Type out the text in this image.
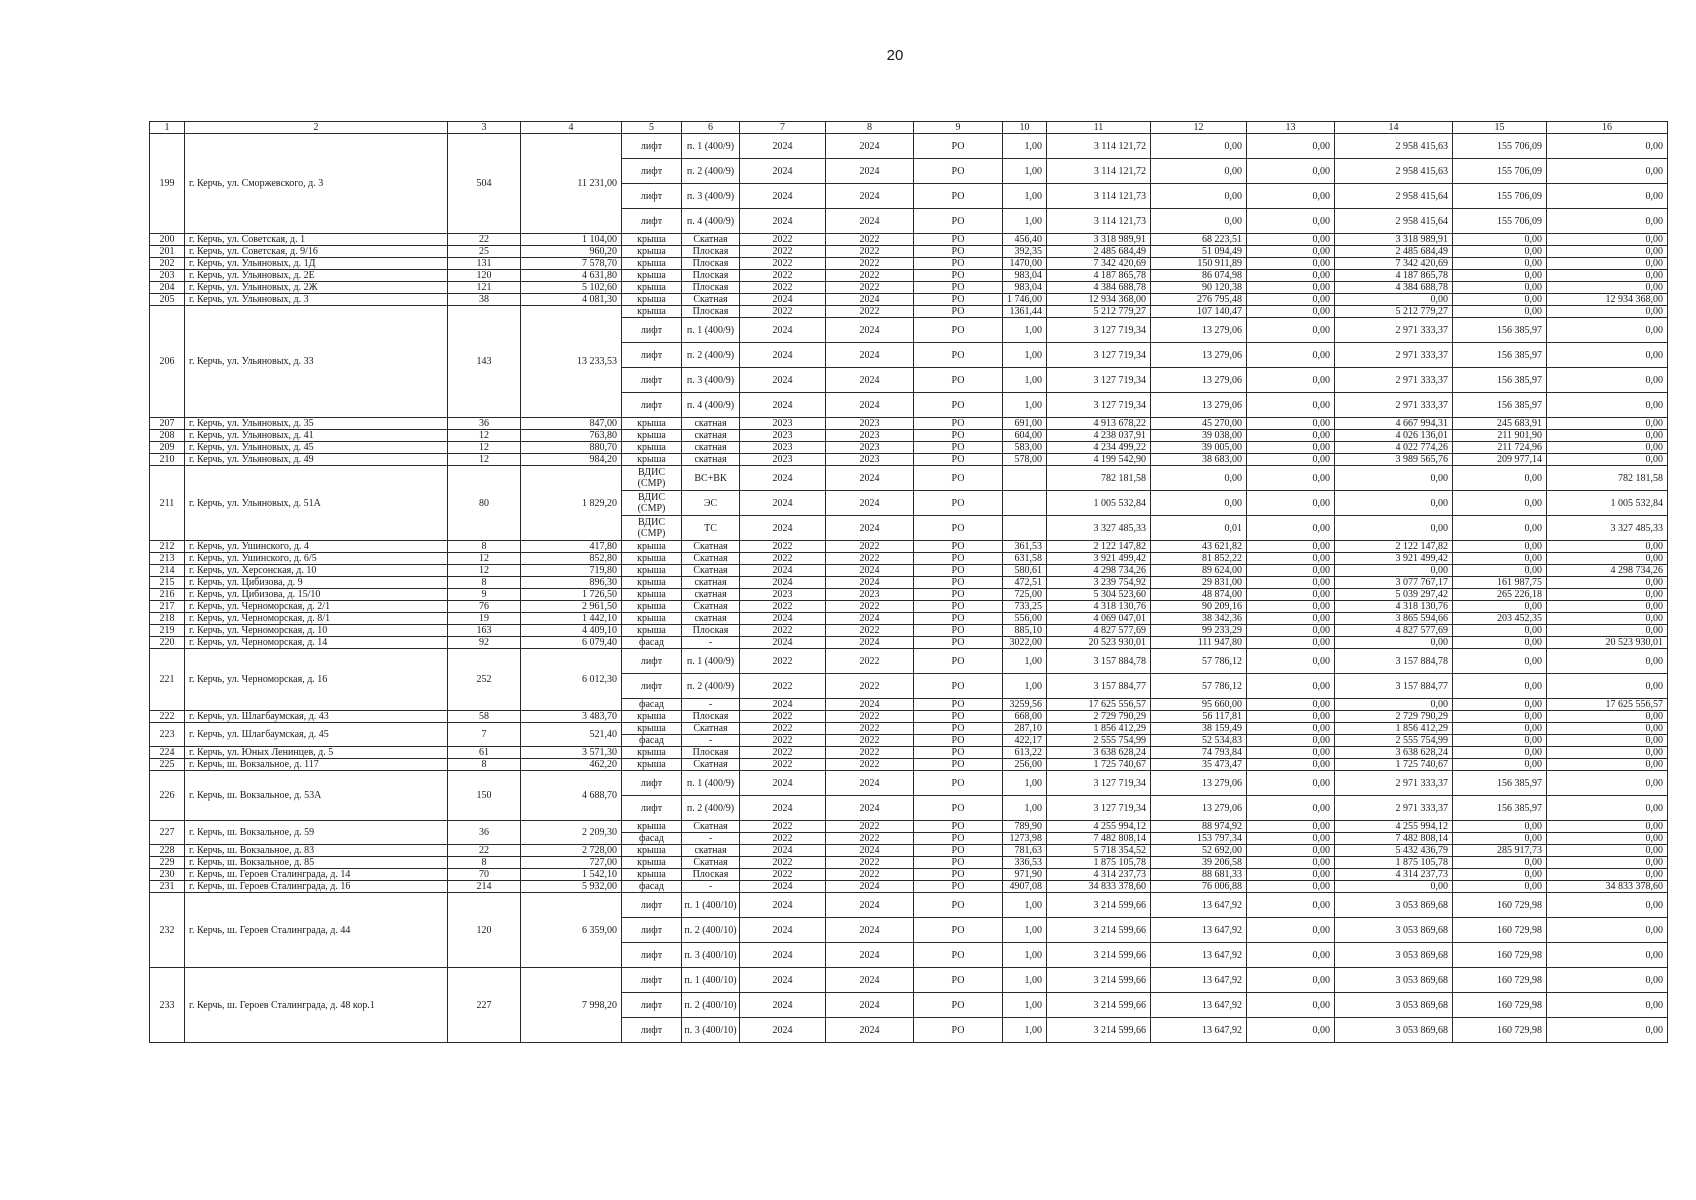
20
1	2	3	4	5	6	7	8	9	10	11	12	13	14	15	16
199	г. Керчь, ул. Сморжевского, д. 3	504	11 231,00	лифт	п. 1 (400/9)	2024	2024	РО	1,00	3 114 121,72	0,00	0,00	2 958 415,63	155 706,09	0,00
				лифт	п. 2 (400/9)	2024	2024	РО	1,00	3 114 121,72	0,00	0,00	2 958 415,63	155 706,09	0,00
				лифт	п. 3 (400/9)	2024	2024	РО	1,00	3 114 121,73	0,00	0,00	2 958 415,64	155 706,09	0,00
				лифт	п. 4 (400/9)	2024	2024	РО	1,00	3 114 121,73	0,00	0,00	2 958 415,64	155 706,09	0,00
200	г. Керчь, ул. Советская, д. 1	22	1 104,00	крыша	Скатная	2022	2022	РО	456,40	3 318 989,91	68 223,51	0,00	3 318 989,91	0,00	0,00
201	г. Керчь, ул. Советская, д. 9/16	25	960,20	крыша	Плоская	2022	2022	РО	392,35	2 485 684,49	51 094,49	0,00	2 485 684,49	0,00	0,00
202	г. Керчь, ул. Ульяновых, д. 1Д	131	7 578,70	крыша	Плоская	2022	2022	РО	1470,00	7 342 420,69	150 911,89	0,00	7 342 420,69	0,00	0,00
203	г. Керчь, ул. Ульяновых, д. 2Е	120	4 631,80	крыша	Плоская	2022	2022	РО	983,04	4 187 865,78	86 074,98	0,00	4 187 865,78	0,00	0,00
204	г. Керчь, ул. Ульяновых, д. 2Ж	121	5 102,60	крыша	Плоская	2022	2022	РО	983,04	4 384 688,78	90 120,38	0,00	4 384 688,78	0,00	0,00
205	г. Керчь, ул. Ульяновых, д. 3	38	4 081,30	крыша	Скатная	2024	2024	РО	1 746,00	12 934 368,00	276 795,48	0,00	0,00	0,00	12 934 368,00
206	г. Керчь, ул. Ульяновых, д. 33	143	13 233,53	крыша	Плоская	2022	2022	РО	1361,44	5 212 779,27	107 140,47	0,00	5 212 779,27	0,00	0,00
				лифт	п. 1 (400/9)	2024	2024	РО	1,00	3 127 719,34	13 279,06	0,00	2 971 333,37	156 385,97	0,00
				лифт	п. 2 (400/9)	2024	2024	РО	1,00	3 127 719,34	13 279,06	0,00	2 971 333,37	156 385,97	0,00
				лифт	п. 3 (400/9)	2024	2024	РО	1,00	3 127 719,34	13 279,06	0,00	2 971 333,37	156 385,97	0,00
				лифт	п. 4 (400/9)	2024	2024	РО	1,00	3 127 719,34	13 279,06	0,00	2 971 333,37	156 385,97	0,00
207	г. Керчь, ул. Ульяновых, д. 35	36	847,00	крыша	скатная	2023	2023	РО	691,00	4 913 678,22	45 270,00	0,00	4 667 994,31	245 683,91	0,00
208	г. Керчь, ул. Ульяновых, д. 41	12	763,80	крыша	скатная	2023	2023	РО	604,00	4 238 037,91	39 038,00	0,00	4 026 136,01	211 901,90	0,00
209	г. Керчь, ул. Ульяновых, д. 45	12	880,70	крыша	скатная	2023	2023	РО	583,00	4 234 499,22	39 005,00	0,00	4 022 774,26	211 724,96	0,00
210	г. Керчь, ул. Ульяновых, д. 49	12	984,20	крыша	скатная	2023	2023	РО	578,00	4 199 542,90	38 683,00	0,00	3 989 565,76	209 977,14	0,00
211	г. Керчь, ул. Ульяновых, д. 51А	80	1 829,20	ВДИС (СМР)	ВС+ВК	2024	2024	РО		782 181,58	0,00	0,00	0,00	0,00	782 181,58
				ВДИС (СМР)	ЭС	2024	2024	РО		1 005 532,84	0,00	0,00	0,00	0,00	1 005 532,84
				ВДИС (СМР)	ТС	2024	2024	РО		3 327 485,33	0,01	0,00	0,00	0,00	3 327 485,33
212	г. Керчь, ул. Ушинского, д. 4	8	417,80	крыша	Скатная	2022	2022	РО	361,53	2 122 147,82	43 621,82	0,00	2 122 147,82	0,00	0,00
213	г. Керчь, ул. Ушинского, д. 6/5	12	852,80	крыша	Скатная	2022	2022	РО	631,58	3 921 499,42	81 852,22	0,00	3 921 499,42	0,00	0,00
214	г. Керчь, ул. Херсонская, д. 10	12	719,80	крыша	Скатная	2024	2024	РО	580,61	4 298 734,26	89 624,00	0,00	0,00	0,00	4 298 734,26
215	г. Керчь, ул. Цибизова, д. 9	8	896,30	крыша	скатная	2024	2024	РО	472,51	3 239 754,92	29 831,00	0,00	3 077 767,17	161 987,75	0,00
216	г. Керчь, ул. Цибизова, д. 15/10	9	1 726,50	крыша	скатная	2023	2023	РО	725,00	5 304 523,60	48 874,00	0,00	5 039 297,42	265 226,18	0,00
217	г. Керчь, ул. Черноморская, д. 2/1	76	2 961,50	крыша	Скатная	2022	2022	РО	733,25	4 318 130,76	90 209,16	0,00	4 318 130,76	0,00	0,00
218	г. Керчь, ул. Черноморская, д. 8/1	19	1 442,10	крыша	скатная	2024	2024	РО	556,00	4 069 047,01	38 342,36	0,00	3 865 594,66	203 452,35	0,00
219	г. Керчь, ул. Черноморская, д. 10	163	4 409,10	крыша	Плоская	2022	2022	РО	885,10	4 827 577,69	99 233,29	0,00	4 827 577,69	0,00	0,00
220	г. Керчь, ул. Черноморская, д. 14	92	6 079,40	фасад	-	2024	2024	РО	3022,00	20 523 930,01	111 947,80	0,00	0,00	0,00	20 523 930,01
221	г. Керчь, ул. Черноморская, д. 16	252	6 012,30	лифт	п. 1 (400/9)	2022	2022	РО	1,00	3 157 884,78	57 786,12	0,00	3 157 884,78	0,00	0,00
				лифт	п. 2 (400/9)	2022	2022	РО	1,00	3 157 884,77	57 786,12	0,00	3 157 884,77	0,00	0,00
				фасад	-	2024	2024	РО	3259,56	17 625 556,57	95 660,00	0,00	0,00	0,00	17 625 556,57
222	г. Керчь, ул. Шлагбаумская, д. 43	58	3 483,70	крыша	Плоская	2022	2022	РО	668,00	2 729 790,29	56 117,81	0,00	2 729 790,29	0,00	0,00
223	г. Керчь, ул. Шлагбаумская, д. 45	7	521,40	крыша	Скатная	2022	2022	РО	287,10	1 856 412,29	38 159,49	0,00	1 856 412,29	0,00	0,00
				фасад	-	2022	2022	РО	422,17	2 555 754,99	52 534,83	0,00	2 555 754,99	0,00	0,00
224	г. Керчь, ул. Юных Ленинцев, д. 5	61	3 571,30	крыша	Плоская	2022	2022	РО	613,22	3 638 628,24	74 793,84	0,00	3 638 628,24	0,00	0,00
225	г. Керчь, ш. Вокзальное, д. 117	8	462,20	крыша	Скатная	2022	2022	РО	256,00	1 725 740,67	35 473,47	0,00	1 725 740,67	0,00	0,00
226	г. Керчь, ш. Вокзальное, д. 53А	150	4 688,70	лифт	п. 1 (400/9)	2024	2024	РО	1,00	3 127 719,34	13 279,06	0,00	2 971 333,37	156 385,97	0,00
				лифт	п. 2 (400/9)	2024	2024	РО	1,00	3 127 719,34	13 279,06	0,00	2 971 333,37	156 385,97	0,00
227	г. Керчь, ш. Вокзальное, д. 59	36	2 209,30	крыша	Скатная	2022	2022	РО	789,90	4 255 994,12	88 974,92	0,00	4 255 994,12	0,00	0,00
				фасад	-	2022	2022	РО	1273,98	7 482 808,14	153 797,34	0,00	7 482 808,14	0,00	0,00
228	г. Керчь, ш. Вокзальное, д. 83	22	2 728,00	крыша	скатная	2024	2024	РО	781,63	5 718 354,52	52 692,00	0,00	5 432 436,79	285 917,73	0,00
229	г. Керчь, ш. Вокзальное, д. 85	8	727,00	крыша	Скатная	2022	2022	РО	336,53	1 875 105,78	39 206,58	0,00	1 875 105,78	0,00	0,00
230	г. Керчь, ш. Героев Сталинграда, д. 14	70	1 542,10	крыша	Плоская	2022	2022	РО	971,90	4 314 237,73	88 681,33	0,00	4 314 237,73	0,00	0,00
231	г. Керчь, ш. Героев Сталинграда, д. 16	214	5 932,00	фасад	-	2024	2024	РО	4907,08	34 833 378,60	76 006,88	0,00	0,00	0,00	34 833 378,60
232	г. Керчь, ш. Героев Сталинграда, д. 44	120	6 359,00	лифт	п. 1 (400/10)	2024	2024	РО	1,00	3 214 599,66	13 647,92	0,00	3 053 869,68	160 729,98	0,00
				лифт	п. 2 (400/10)	2024	2024	РО	1,00	3 214 599,66	13 647,92	0,00	3 053 869,68	160 729,98	0,00
				лифт	п. 3 (400/10)	2024	2024	РО	1,00	3 214 599,66	13 647,92	0,00	3 053 869,68	160 729,98	0,00
233	г. Керчь, ш. Героев Сталинграда, д. 48 кор.1	227	7 998,20	лифт	п. 1 (400/10)	2024	2024	РО	1,00	3 214 599,66	13 647,92	0,00	3 053 869,68	160 729,98	0,00
				лифт	п. 2 (400/10)	2024	2024	РО	1,00	3 214 599,66	13 647,92	0,00	3 053 869,68	160 729,98	0,00
				лифт	п. 3 (400/10)	2024	2024	РО	1,00	3 214 599,66	13 647,92	0,00	3 053 869,68	160 729,98	0,00
